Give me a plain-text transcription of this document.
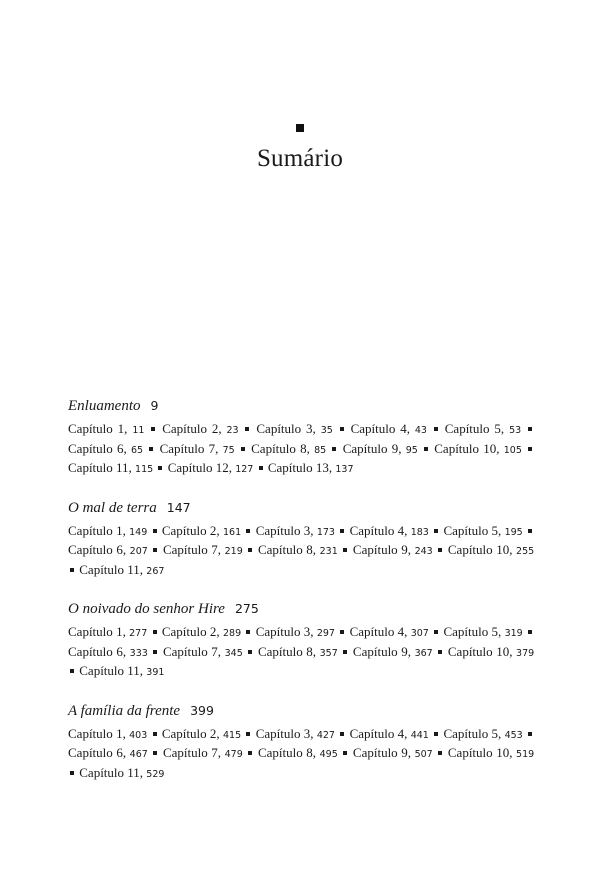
Sumário
Enluamento 9
Capítulo 1, 11 Capítulo 2, 23 Capítulo 3, 35 Capítulo 4, 43 Capítulo 5, 53  Capítulo 6, 65 Capítulo 7, 75 Capítulo 8, 85 Capítulo 9, 95 Capítulo 10, 105  Capítulo 11, 115 Capítulo 12, 127 Capítulo 13, 137
O mal de terra 147
Capítulo 1, 149 Capítulo 2, 161 Capítulo 3, 173 Capítulo 4, 183 Capítulo 5, 195  Capítulo 6, 207 Capítulo 7, 219 Capítulo 8, 231 Capítulo 9, 243 Capítulo 10, 255  Capítulo 11, 267
O noivado do senhor Hire 275
Capítulo 1, 277 Capítulo 2, 289 Capítulo 3, 297 Capítulo 4, 307 Capítulo 5, 319  Capítulo 6, 333 Capítulo 7, 345 Capítulo 8, 357 Capítulo 9, 367 Capítulo 10, 379  Capítulo 11, 391
A família da frente 399
Capítulo 1, 403 Capítulo 2, 415 Capítulo 3, 427 Capítulo 4, 441 Capítulo 5, 453  Capítulo 6, 467 Capítulo 7, 479 Capítulo 8, 495 Capítulo 9, 507 Capítulo 10, 519  Capítulo 11, 529
